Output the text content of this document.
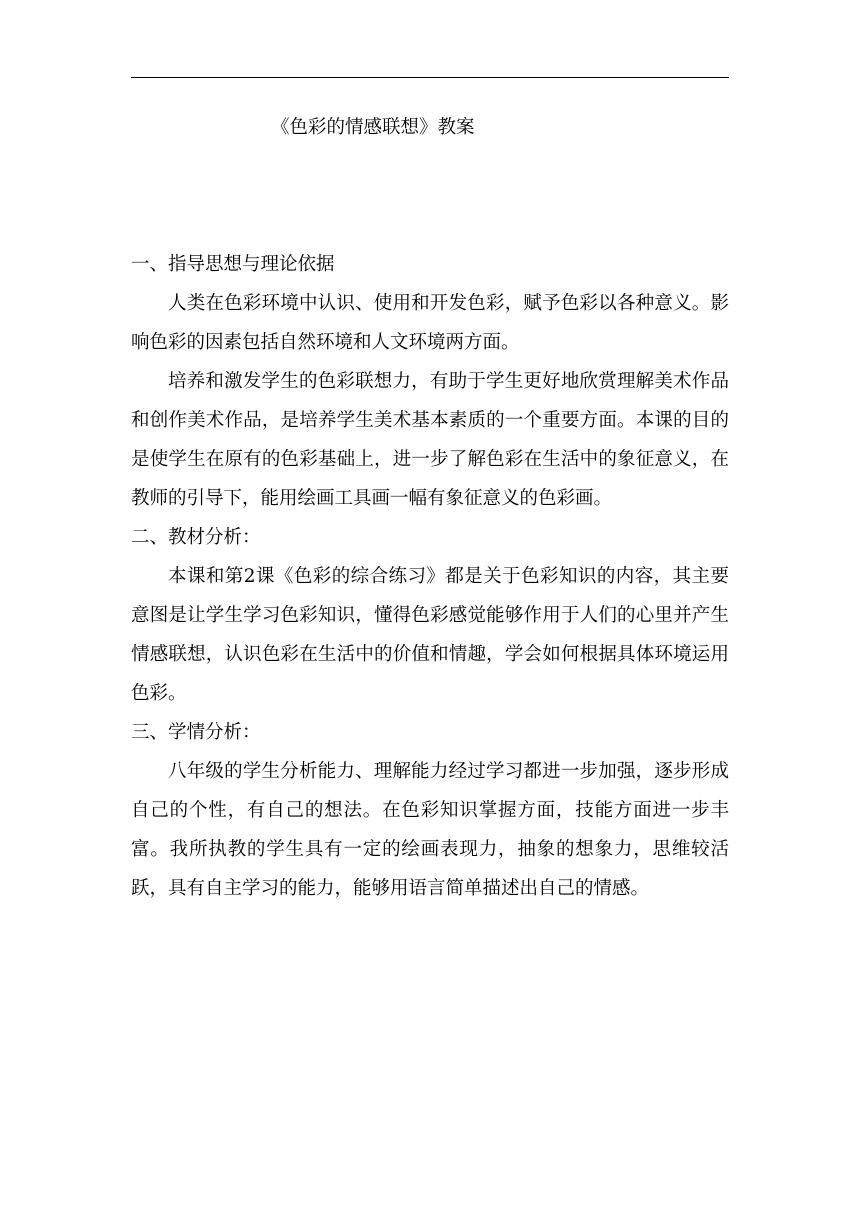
《色彩的情感联想》教案
一、指导思想与理论依据

人类在色彩环境中认识、使用和开发色彩，赋予色彩以各种意义。影响色彩的因素包括自然环境和人文环境两方面。

培养和激发学生的色彩联想力，有助于学生更好地欣赏理解美术作品和创作美术作品，是培养学生美术基本素质的一个重要方面。本课的目的是使学生在原有的色彩基础上，进一步了解色彩在生活中的象征意义，在教师的引导下，能用绘画工具画一幅有象征意义的色彩画。

二、教材分析：

本课和第2课《色彩的综合练习》都是关于色彩知识的内容，其主要意图是让学生学习色彩知识，懂得色彩感觉能够作用于人们的心里并产生情感联想，认识色彩在生活中的价值和情趣，学会如何根据具体环境运用色彩。

三、学情分析：

八年级的学生分析能力、理解能力经过学习都进一步加强，逐步形成自己的个性，有自己的想法。在色彩知识掌握方面，技能方面进一步丰富。我所执教的学生具有一定的绘画表现力，抽象的想象力，思维较活跃，具有自主学习的能力，能够用语言简单描述出自己的情感。
